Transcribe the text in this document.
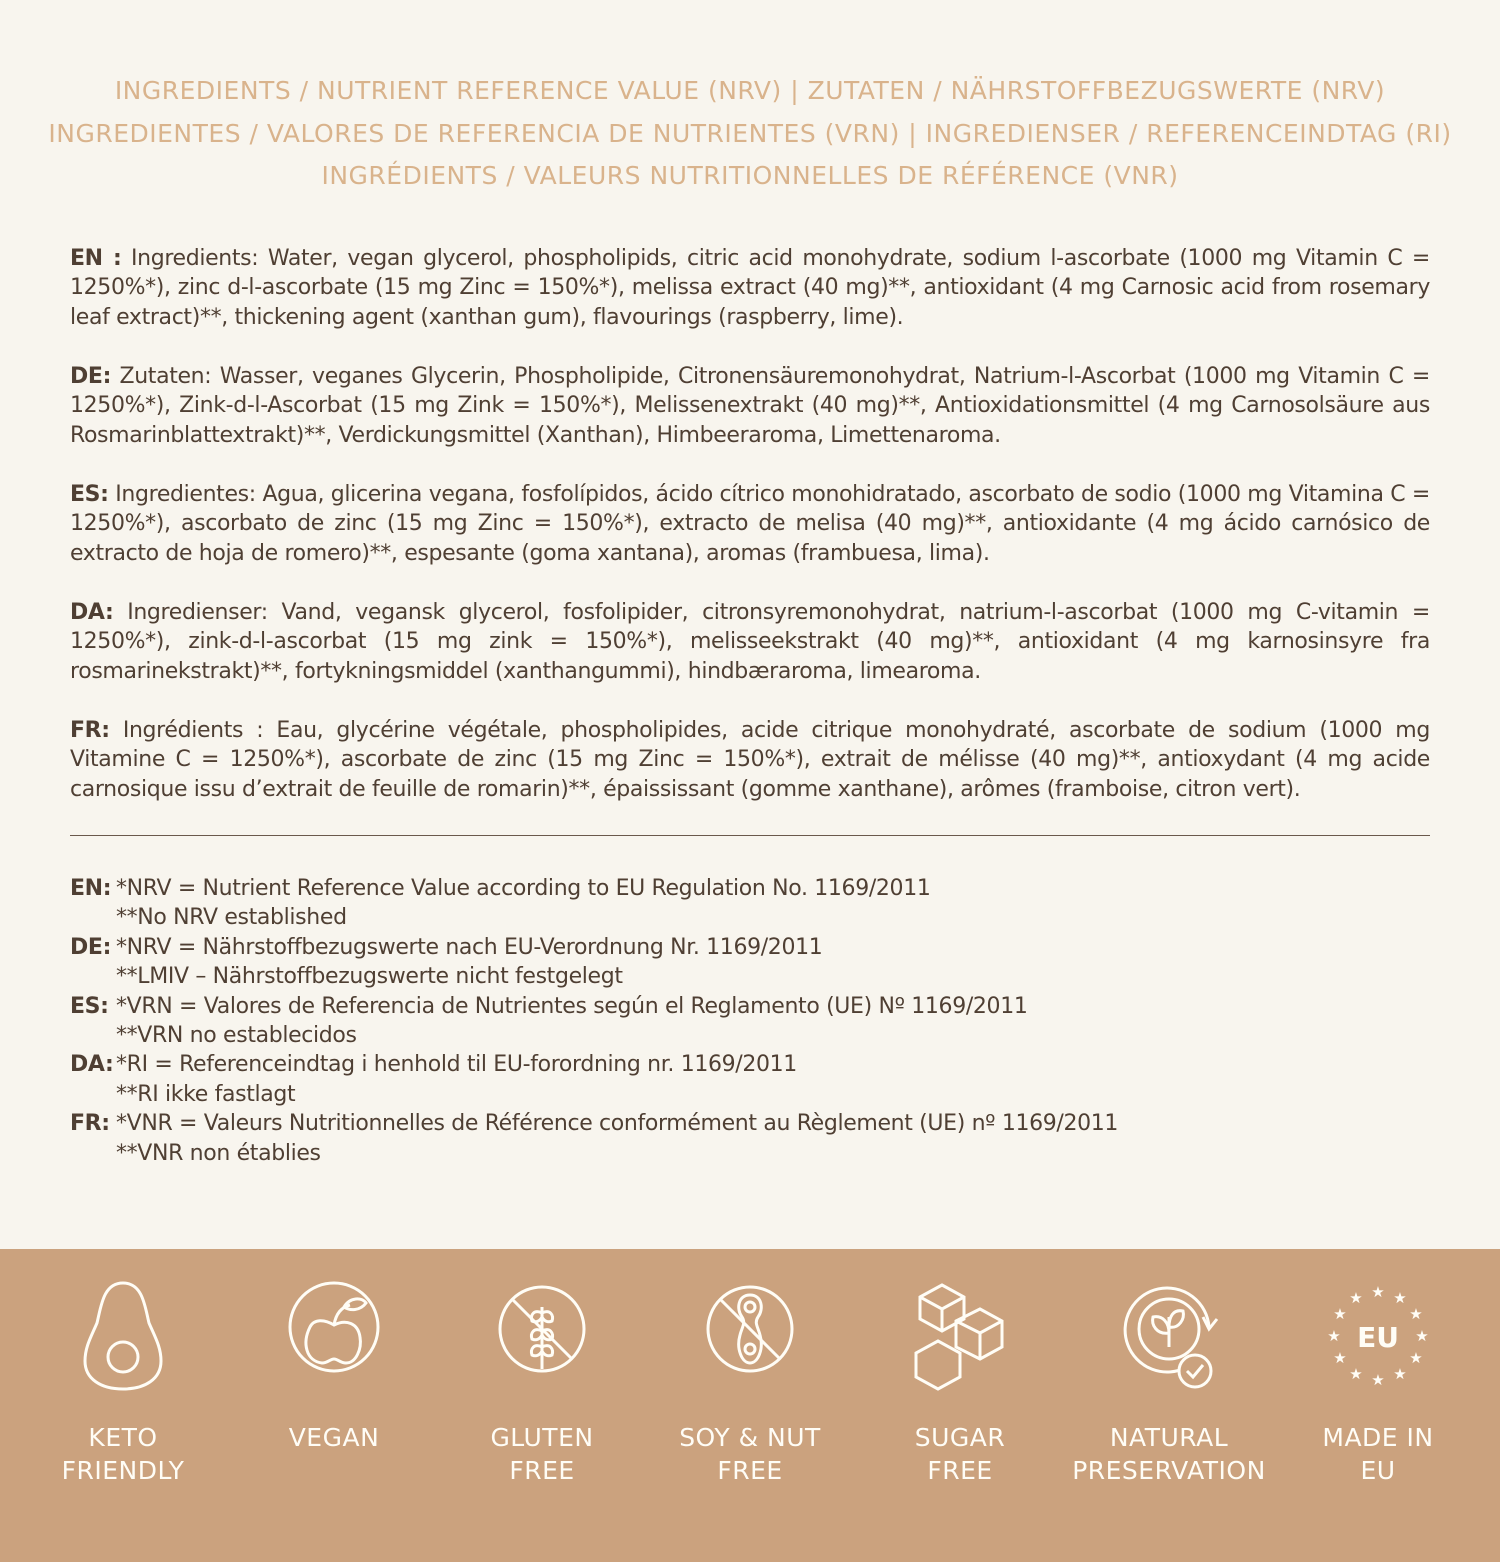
INGREDIENTS / NUTRIENT REFERENCE VALUE (NRV) | ZUTATEN / NÄHRSTOFFBEZUGSWERTE (NRV)
INGREDIENTES / VALORES DE REFERENCIA DE NUTRIENTES (VRN) | INGREDIENSER / REFERENCEINDTAG (RI)
INGRÉDIENTS / VALEURS NUTRITIONNELLES DE RÉFÉRENCE (VNR)

EN : Ingredients: Water, vegan glycerol, phospholipids, citric acid monohydrate, sodium l-ascorbate (1000 mg Vitamin C = 1250%*), zinc d-l-ascorbate (15 mg Zinc = 150%*), melissa extract (40 mg)**, antioxidant (4 mg Carnosic acid from rosemary leaf extract)**, thickening agent (xanthan gum), flavourings (raspberry, lime).

DE: Zutaten: Wasser, veganes Glycerin, Phospholipide, Citronensäuremonohydrat, Natrium-l-Ascorbat (1000 mg Vitamin C = 1250%*), Zink-d-l-Ascorbat (15 mg Zink = 150%*), Melissenextrakt (40 mg)**, Antioxidationsmittel (4 mg Carnosolsäure aus Rosmarinblattextrakt)**, Verdickungsmittel (Xanthan), Himbeeraroma, Limettenaroma.

ES: Ingredientes: Agua, glicerina vegana, fosfolípidos, ácido cítrico monohidratado, ascorbato de sodio (1000 mg Vitamina C = 1250%*), ascorbato de zinc (15 mg Zinc = 150%*), extracto de melisa (40 mg)**, antioxidante (4 mg ácido carnósico de extracto de hoja de romero)**, espesante (goma xantana), aromas (frambuesa, lima).

DA: Ingredienser: Vand, vegansk glycerol, fosfolipider, citronsyremonohydrat, natrium-l-ascorbat (1000 mg C-vitamin = 1250%*), zink-d-l-ascorbat (15 mg zink = 150%*), melisseekstrakt (40 mg)**, antioxidant (4 mg karnosinsyre fra rosmarinekstrakt)**, fortykningsmiddel (xanthangummi), hindbæraroma, limearoma.

FR: Ingrédients : Eau, glycérine végétale, phospholipides, acide citrique monohydraté, ascorbate de sodium (1000 mg Vitamine C = 1250%*), ascorbate de zinc (15 mg Zinc = 150%*), extrait de mélisse (40 mg)**, antioxydant (4 mg acide carnosique issu d’extrait de feuille de romarin)**, épaississant (gomme xanthane), arômes (framboise, citron vert).

EN: *NRV = Nutrient Reference Value according to EU Regulation No. 1169/2011
**No NRV established
DE: *NRV = Nährstoffbezugswerte nach EU-Verordnung Nr. 1169/2011
**LMIV – Nährstoffbezugswerte nicht festgelegt
ES: *VRN = Valores de Referencia de Nutrientes según el Reglamento (UE) Nº 1169/2011
**VRN no establecidos
DA: *RI = Referenceindtag i henhold til EU-forordning nr. 1169/2011
**RI ikke fastlagt
FR: *VNR = Valeurs Nutritionnelles de Référence conformément au Règlement (UE) nº 1169/2011
**VNR non établies
KETO
FRIENDLY
VEGAN	GLUTEN
FREE
SOY & NUT
FREE
SUGAR
FREE
NATURAL
PRESERVATION
★ ★
★
★
★
★
★
★
★
★
★
★
EU
MADE IN
EU
